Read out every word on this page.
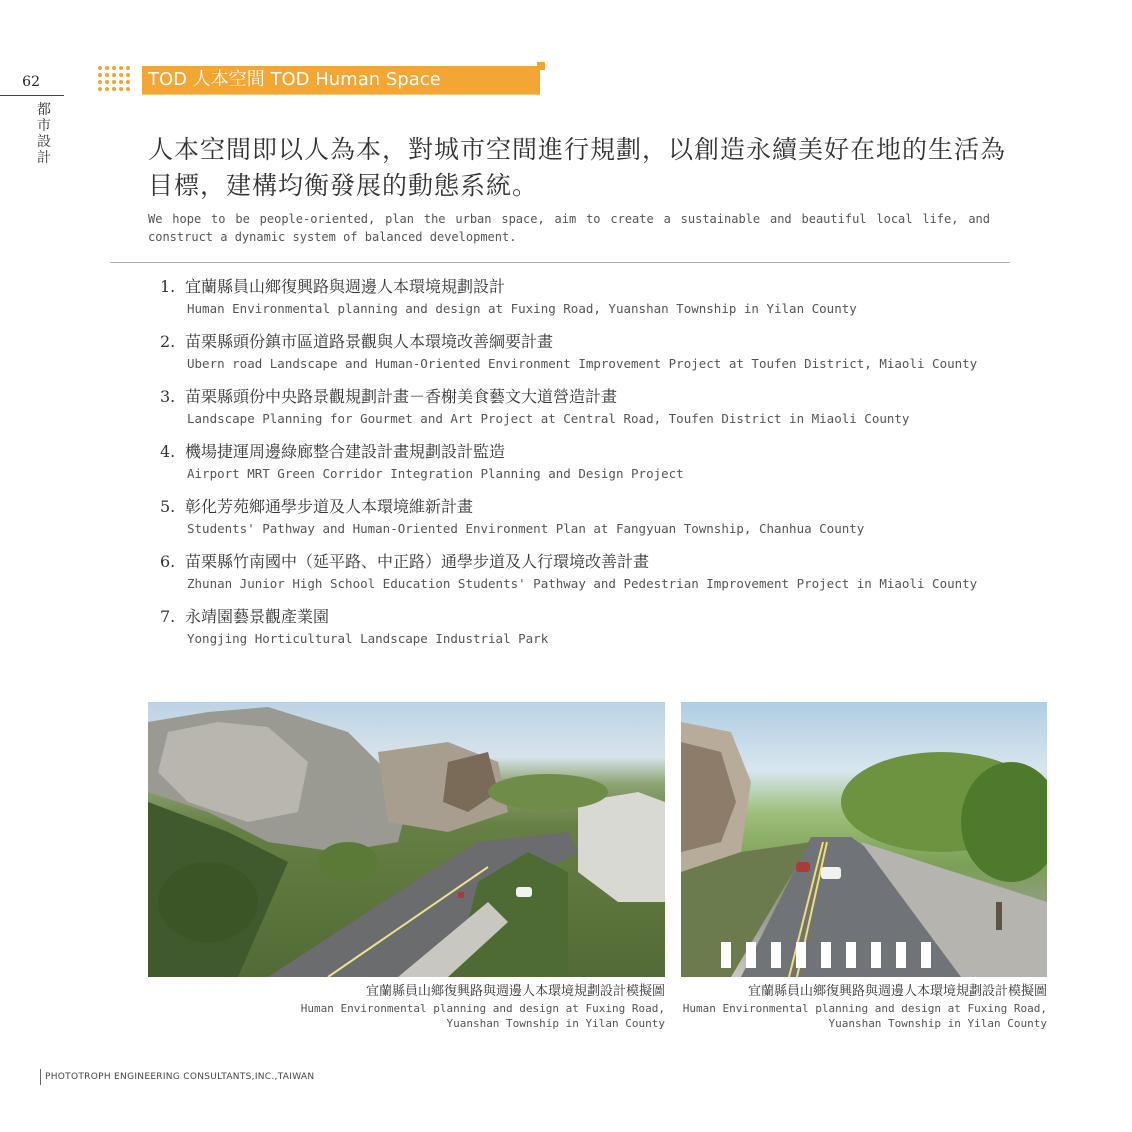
62
都市設計
TOD 人本空間 TOD Human Space
人本空間即以人為本，對城市空間進行規劃，以創造永續美好在地的生活為目標，建構均衡發展的動態系統。
We hope to be people-oriented, plan the urban space, aim to create a sustainable and beautiful local life, and construct a dynamic system of balanced development.
1. 宜蘭縣員山鄉復興路與週邊人本環境規劃設計
Human Environmental planning and design at Fuxing Road, Yuanshan Township in Yilan County
2. 苗栗縣頭份鎮市區道路景觀與人本環境改善綱要計畫
Ubern road Landscape and Human-Oriented Environment Improvement Project at Toufen District, Miaoli County
3. 苗栗縣頭份中央路景觀規劃計畫－香榭美食藝文大道營造計畫
Landscape Planning for Gourmet and Art Project at Central Road, Toufen District in Miaoli County
4. 機場捷運周邊綠廊整合建設計畫規劃設計監造
Airport MRT Green Corridor Integration Planning and Design Project
5. 彰化芳苑鄉通學步道及人本環境維新計畫
Students' Pathway and Human-Oriented Environment Plan at Fangyuan Township, Chanhua County
6. 苗栗縣竹南國中（延平路、中正路）通學步道及人行環境改善計畫
Zhunan Junior High School Education Students' Pathway and Pedestrian Improvement Project in Miaoli County
7. 永靖園藝景觀產業園
Yongjing Horticultural Landscape Industrial Park
宜蘭縣員山鄉復興路與週邊人本環境規劃設計模擬圖
Human Environmental planning and design at Fuxing Road,
Yuanshan Township in Yilan County
宜蘭縣員山鄉復興路與週邊人本環境規劃設計模擬圖
Human Environmental planning and design at Fuxing Road,
Yuanshan Township in Yilan County
PHOTOTROPH ENGINEERING CONSULTANTS,INC.,TAIWAN
